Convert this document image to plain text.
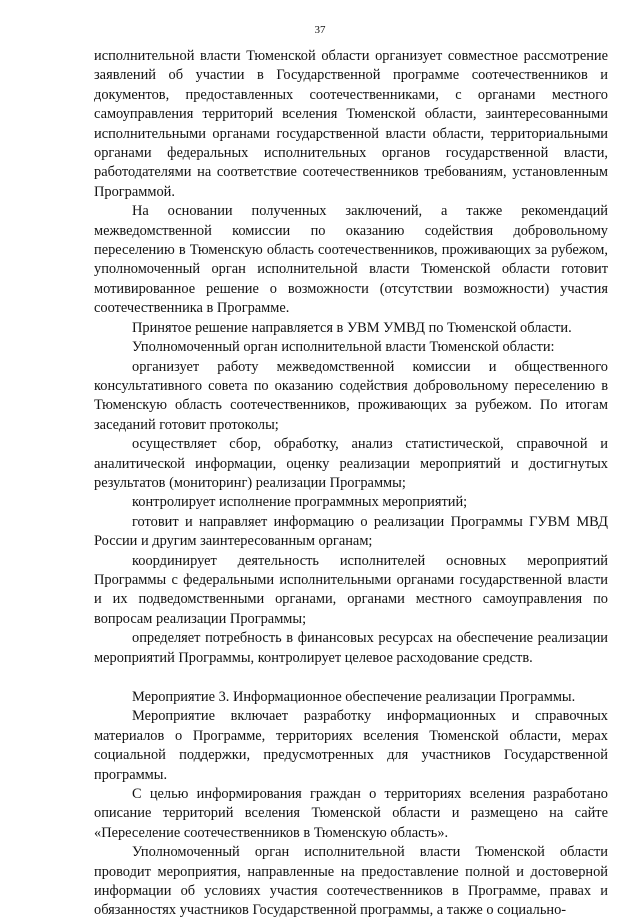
37

исполнительной власти Тюменской области организует совместное рассмотрение заявлений об участии в Государственной программе соотечественников и документов, предоставленных соотечественниками, с органами местного самоуправления территорий вселения Тюменской области, заинтересованными исполнительными органами государственной власти области, территориальными органами федеральных исполнительных органов государственной власти, работодателями на соответствие соотечественников требованиям, установленным Программой.

На основании полученных заключений, а также рекомендаций межведомственной комиссии по оказанию содействия добровольному переселению в Тюменскую область соотечественников, проживающих за рубежом, уполномоченный орган исполнительной власти Тюменской области готовит мотивированное решение о возможности (отсутствии возможности) участия соотечественника в Программе.

Принятое решение направляется в УВМ УМВД по Тюменской области.

Уполномоченный орган исполнительной власти Тюменской области:

организует работу межведомственной комиссии и общественного консультативного совета по оказанию содействия добровольному переселению в Тюменскую область соотечественников, проживающих за рубежом. По итогам заседаний готовит протоколы;

осуществляет сбор, обработку, анализ статистической, справочной и аналитической информации, оценку реализации мероприятий и достигнутых результатов (мониторинг) реализации Программы;

контролирует исполнение программных мероприятий;

готовит и направляет информацию о реализации Программы ГУВМ МВД России и другим заинтересованным органам;

координирует деятельность исполнителей основных мероприятий Программы с федеральными исполнительными органами государственной власти и их подведомственными органами, органами местного самоуправления по вопросам реализации Программы;

определяет потребность в финансовых ресурсах на обеспечение реализации мероприятий Программы, контролирует целевое расходование средств.

Мероприятие 3. Информационное обеспечение реализации Программы.

Мероприятие включает разработку информационных и справочных материалов о Программе, территориях вселения Тюменской области, мерах социальной поддержки, предусмотренных для участников Государственной программы.

С целью информирования граждан о территориях вселения разработано описание территорий вселения Тюменской области и размещено на сайте «Переселение соотечественников в Тюменскую область».

Уполномоченный орган исполнительной власти Тюменской области проводит мероприятия, направленные на предоставление полной и достоверной информации об условиях участия соотечественников в Программе, правах и обязанностях участников Государственной программы, а также о социально-
